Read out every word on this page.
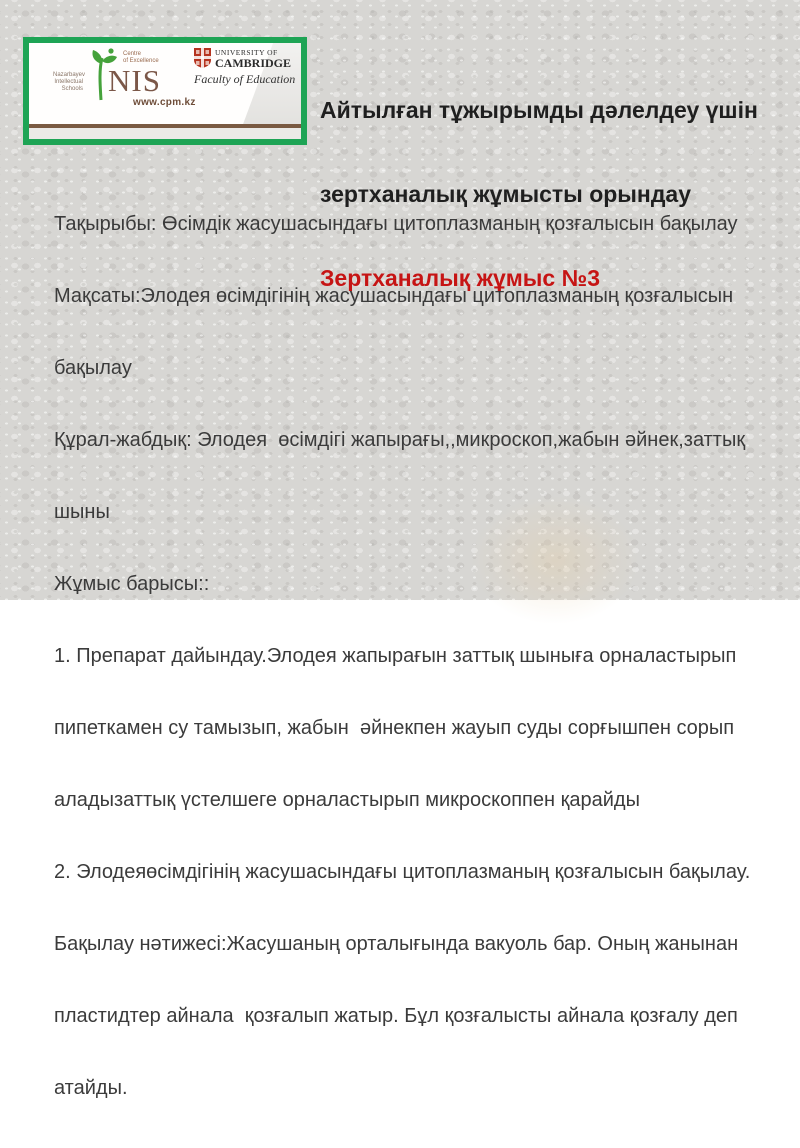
Nazarbayev
Intellectual
Schools
Centre
of Excellence
NIS
UNIVERSITY OF
CAMBRIDGE
Faculty of Education
www.cpm.kz

	Айтылған тұжырымды дәлелдеу үшін

зертханалық жұмысты орындау

Зертханалық жұмыс №3

Тақырыбы: Өсімдік жасушасындағы цитоплазманың қозғалысын бақылау

Мақсаты:Элодея өсімдігінің жасушасындағы цитоплазманың қозғалысын

бақылау

Құрал-жабдық: Элодея  өсімдігі жапырағы,,микроскоп,жабын әйнек,заттық

шыны

Жұмыс барысы::

1. Препарат дайындау.Элодея жапырағын заттық шыныға орналастырып

пипеткамен су тамызып, жабын  әйнекпен жауып суды сорғышпен сорып

аладызаттық үстелшеге орналастырып микроскоппен қарайды

2. Элодеяөсімдігінің жасушасындағы цитоплазманың қозғалысын бақылау.

Бақылау нәтижесі:Жасушаның орталығында вакуоль бар. Оның жанынан

пластидтер айнала  қозғалып жатыр. Бұл қозғалысты айнала қозғалу деп

атайды.
